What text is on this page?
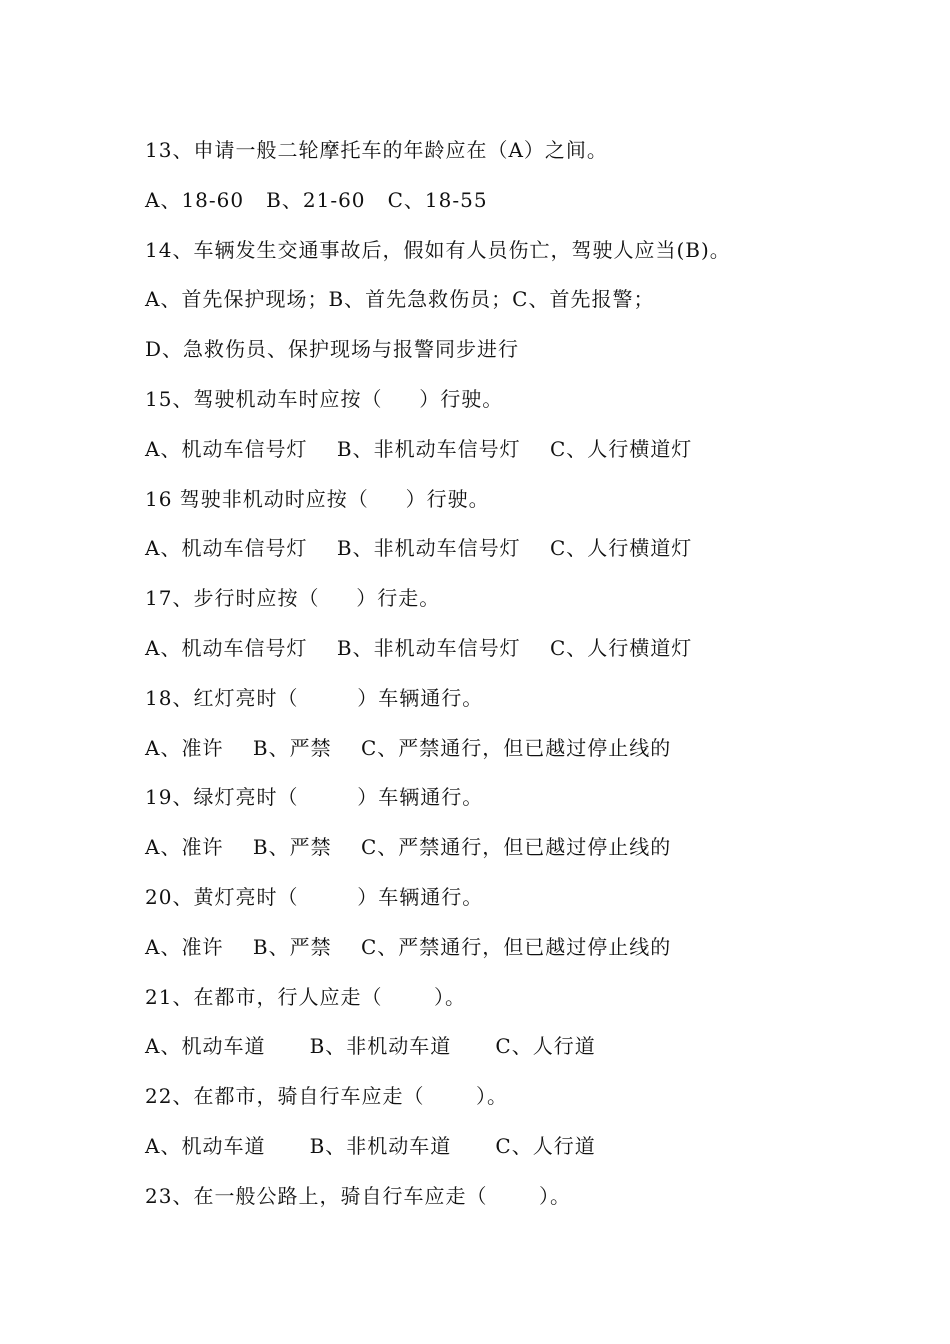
13、申请一般二轮摩托车的年龄应在（A）之间。
A、18-60   B、21-60   C、18-55
14、车辆发生交通事故后，假如有人员伤亡，驾驶人应当(B)。
A、首先保护现场；B、首先急救伤员；C、首先报警；
D、急救伤员、保护现场与报警同步进行
15、驾驶机动车时应按（     ）行驶。
A、机动车信号灯    B、非机动车信号灯    C、人行横道灯
16 驾驶非机动时应按（     ）行驶。
A、机动车信号灯    B、非机动车信号灯    C、人行横道灯
17、步行时应按（     ）行走。
A、机动车信号灯    B、非机动车信号灯    C、人行横道灯
18、红灯亮时（        ）车辆通行。
A、准许    B、严禁    C、严禁通行，但已越过停止线的
19、绿灯亮时（        ）车辆通行。
A、准许    B、严禁    C、严禁通行，但已越过停止线的
20、黄灯亮时（        ）车辆通行。
A、准许    B、严禁    C、严禁通行，但已越过停止线的
21、在都市，行人应走（       ）。
A、机动车道      B、非机动车道      C、人行道
22、在都市，骑自行车应走（       ）。
A、机动车道      B、非机动车道      C、人行道
23、在一般公路上，骑自行车应走（       ）。
